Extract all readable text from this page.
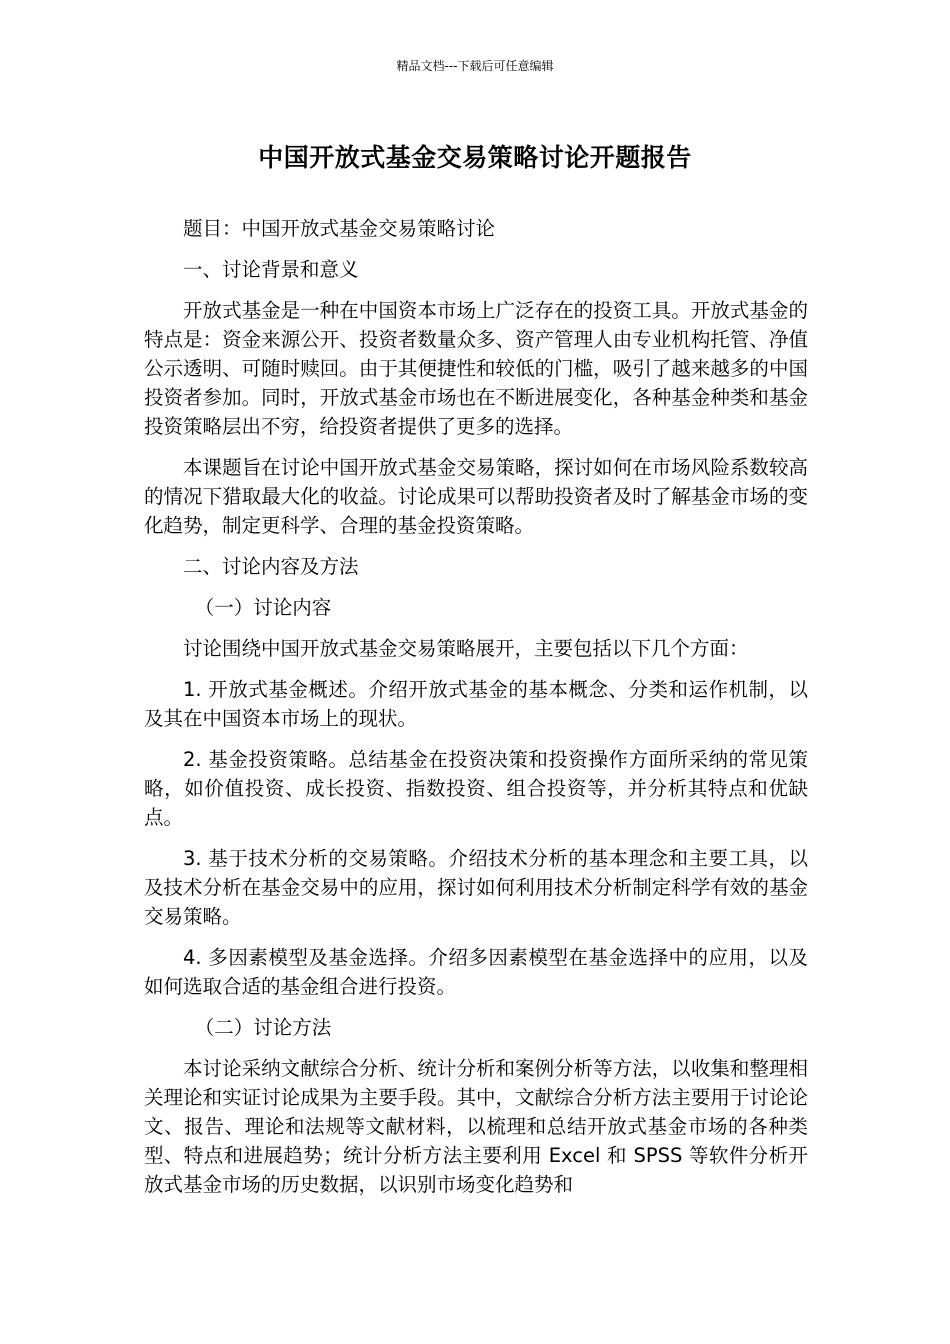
精品文档---下载后可任意编辑
中国开放式基金交易策略讨论开题报告

题目：中国开放式基金交易策略讨论

一、讨论背景和意义

开放式基金是一种在中国资本市场上广泛存在的投资工具。开放式基金的特点是：资金来源公开、投资者数量众多、资产管理人由专业机构托管、净值公示透明、可随时赎回。由于其便捷性和较低的门槛，吸引了越来越多的中国投资者参加。同时，开放式基金市场也在不断进展变化，各种基金种类和基金投资策略层出不穷，给投资者提供了更多的选择。

本课题旨在讨论中国开放式基金交易策略，探讨如何在市场风险系数较高的情况下猎取最大化的收益。讨论成果可以帮助投资者及时了解基金市场的变化趋势，制定更科学、合理的基金投资策略。

二、讨论内容及方法

（一）讨论内容

讨论围绕中国开放式基金交易策略展开，主要包括以下几个方面：

1. 开放式基金概述。介绍开放式基金的基本概念、分类和运作机制，以及其在中国资本市场上的现状。

2. 基金投资策略。总结基金在投资决策和投资操作方面所采纳的常见策略，如价值投资、成长投资、指数投资、组合投资等，并分析其特点和优缺点。

3. 基于技术分析的交易策略。介绍技术分析的基本理念和主要工具，以及技术分析在基金交易中的应用，探讨如何利用技术分析制定科学有效的基金交易策略。

4. 多因素模型及基金选择。介绍多因素模型在基金选择中的应用，以及如何选取合适的基金组合进行投资。

（二）讨论方法

本讨论采纳文献综合分析、统计分析和案例分析等方法，以收集和整理相关理论和实证讨论成果为主要手段。其中，文献综合分析方法主要用于讨论论文、报告、理论和法规等文献材料，以梳理和总结开放式基金市场的各种类型、特点和进展趋势；统计分析方法主要利用 Excel 和 SPSS 等软件分析开放式基金市场的历史数据，以识别市场变化趋势和
